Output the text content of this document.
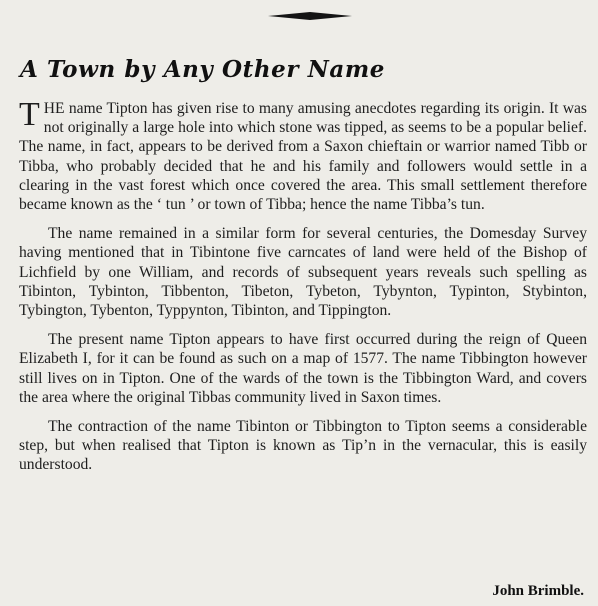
A Town by Any Other Name

THE name Tipton has given rise to many amusing anecdotes regarding its origin. It was not originally a large hole into which stone was tipped, as seems to be a popular belief. The name, in fact, appears to be derived from a Saxon chieftain or warrior named Tibb or Tibba, who probably decided that he and his family and followers would settle in a clearing in the vast forest which once covered the area. This small settlement therefore became known as the ‘ tun ’ or town of Tibba; hence the name Tibba’s tun.

The name remained in a similar form for several centuries, the Domesday Survey having mentioned that in Tibintone five carncates of land were held of the Bishop of Lichfield by one William, and records of subsequent years reveals such spelling as Tibinton, Tybinton, Tibbenton, Tibeton, Tybeton, Tybynton, Typinton, Stybinton, Tybington, Tybenton, Typpynton, Tibinton, and Tippington.

The present name Tipton appears to have first occurred during the reign of Queen Elizabeth I, for it can be found as such on a map of 1577. The name Tibbington however still lives on in Tipton. One of the wards of the town is the Tibbington Ward, and covers the area where the original Tibbas community lived in Saxon times.

The contraction of the name Tibinton or Tibbington to Tipton seems a considerable step, but when realised that Tipton is known as Tip’n in the vernacular, this is easily understood.

John Brimble.
